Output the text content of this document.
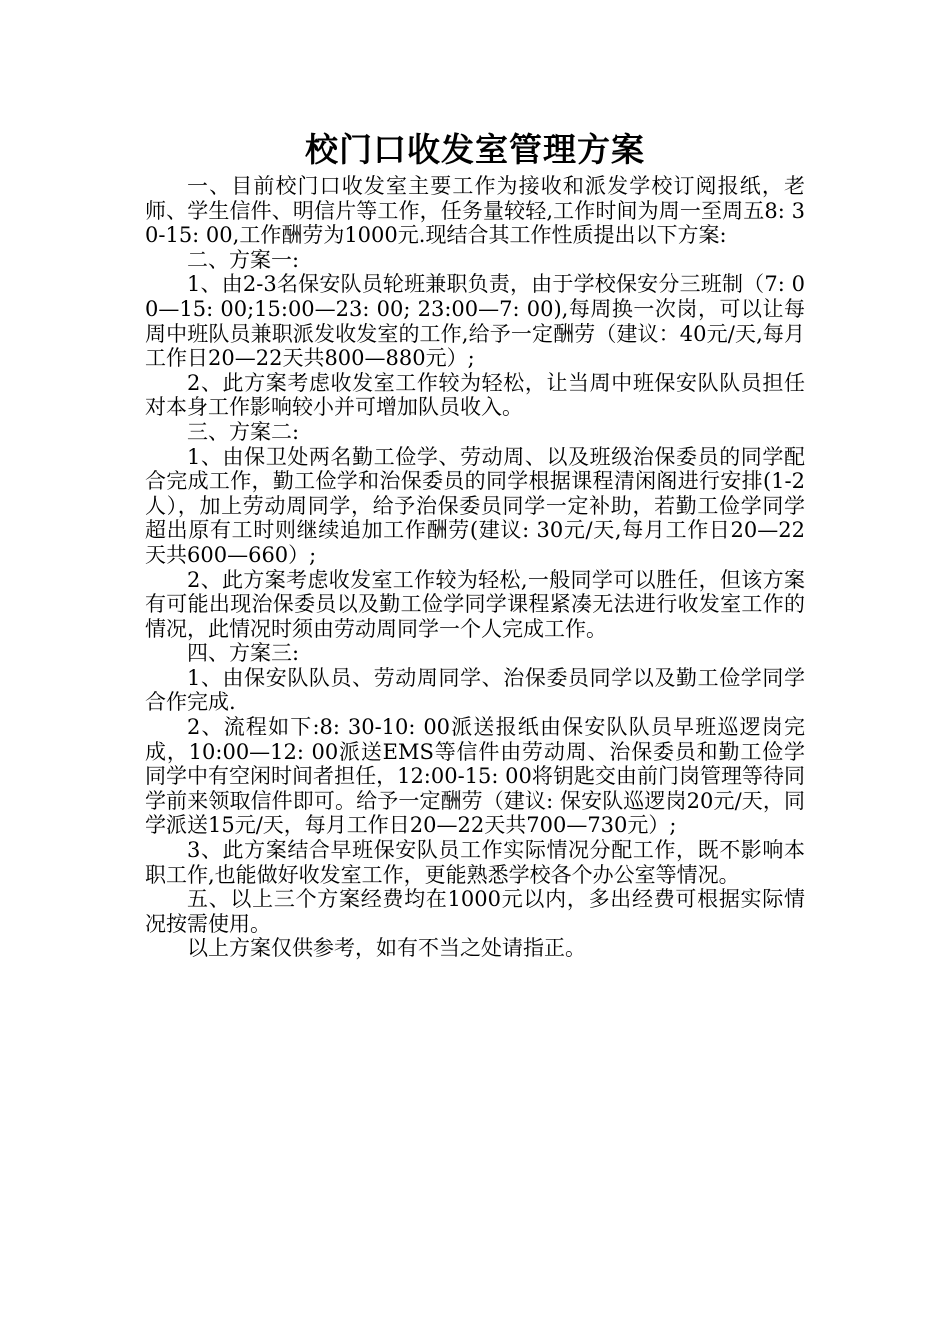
校门口收发室管理方案

一、目前校门口收发室主要工作为接收和派发学校订阅报纸，老师、学生信件、明信片等工作，任务量较轻,工作时间为周一至周五8: 30-15: 00,工作酬劳为1000元.现结合其工作性质提出以下方案:

二、方案一:

1、由2-3名保安队员轮班兼职负责，由于学校保安分三班制（7: 00—15: 00;15:00—23: 00; 23:00—7: 00),每周换一次岗，可以让每周中班队员兼职派发收发室的工作,给予一定酬劳（建议：40元/天,每月工作日20—22天共800—880元）;

2、此方案考虑收发室工作较为轻松，让当周中班保安队队员担任对本身工作影响较小并可增加队员收入。

三、方案二:

1、由保卫处两名勤工俭学、劳动周、以及班级治保委员的同学配合完成工作，勤工俭学和治保委员的同学根据课程清闲阁进行安排(1-2人），加上劳动周同学，给予治保委员同学一定补助，若勤工俭学同学超出原有工时则继续追加工作酬劳(建议: 30元/天,每月工作日20—22天共600—660）;

2、此方案考虑收发室工作较为轻松,一般同学可以胜任，但该方案有可能出现治保委员以及勤工俭学同学课程紧凑无法进行收发室工作的情况，此情况时须由劳动周同学一个人完成工作。

四、方案三:

1、由保安队队员、劳动周同学、治保委员同学以及勤工俭学同学合作完成.

2、流程如下:8: 30-10: 00派送报纸由保安队队员早班巡逻岗完成，10:00—12: 00派送EMS等信件由劳动周、治保委员和勤工俭学同学中有空闲时间者担任，12:00-15: 00将钥匙交由前门岗管理等待同学前来领取信件即可。给予一定酬劳（建议: 保安队巡逻岗20元/天，同学派送15元/天，每月工作日20—22天共700—730元）;

3、此方案结合早班保安队员工作实际情况分配工作，既不影响本职工作,也能做好收发室工作，更能熟悉学校各个办公室等情况。

五、以上三个方案经费均在1000元以内，多出经费可根据实际情况按需使用。

以上方案仅供参考，如有不当之处请指正。
